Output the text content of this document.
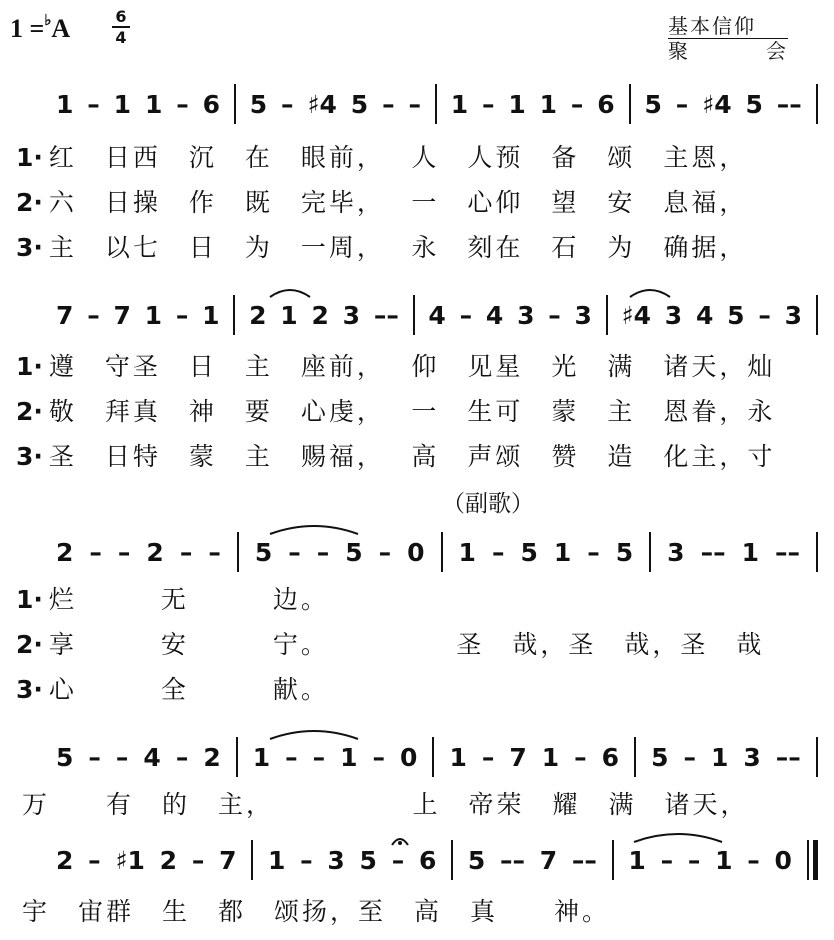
1 =♭A	6
4	基本信仰
聚	会
1 – 1 1 – 6 5 – ♯4 5 – – 1 – 1 1 – 6 5 – ♯4 5 ––
1· 红　日西　沉　在　眼前，　 人　人预　备　颂　主恩，
2· 六　日操　作　既　完毕，　 一　心仰　望　安　息福，
3· 主　以七　日　为　一周，　 永　刻在　石　为　确据，
7 – 7 1 – 1 2 1 2 3 –– 4 – 4 3 – 3 ♯4 3 4 5 – 3
1· 遵　守圣　日　主　座前，　 仰　见星　光　满　诸天，灿
2· 敬　拜真　神　要　心虔，　 一　生可　蒙　主　恩眷，永
3· 圣　日特　蒙　主　赐福，　 高　声颂　赞　造　化主，寸
（副歌）
2 – – 2 – – 5 – – 5 – 0 1 – 5 1 – 5 3 –– 1 ––
1· 烂　　　无　　　边。
2· 享　　　安　　　宁。　　　　　圣　哉，圣　哉，圣　哉
3· 心　　　全　　　献。
5 – – 4 – 2 1 – – 1 – 0 1 – 7 1 – 6 5 – 1 3 ––
万　　有　的　主，　　　　　 上　帝荣　耀　满　诸天，
2 – ♯1 2 – 7 1 – 3 5 – 6 5 –– 7 –– 1 – – 1 – 0
宇　宙群　生　都　颂扬，至　高　真　　神。
